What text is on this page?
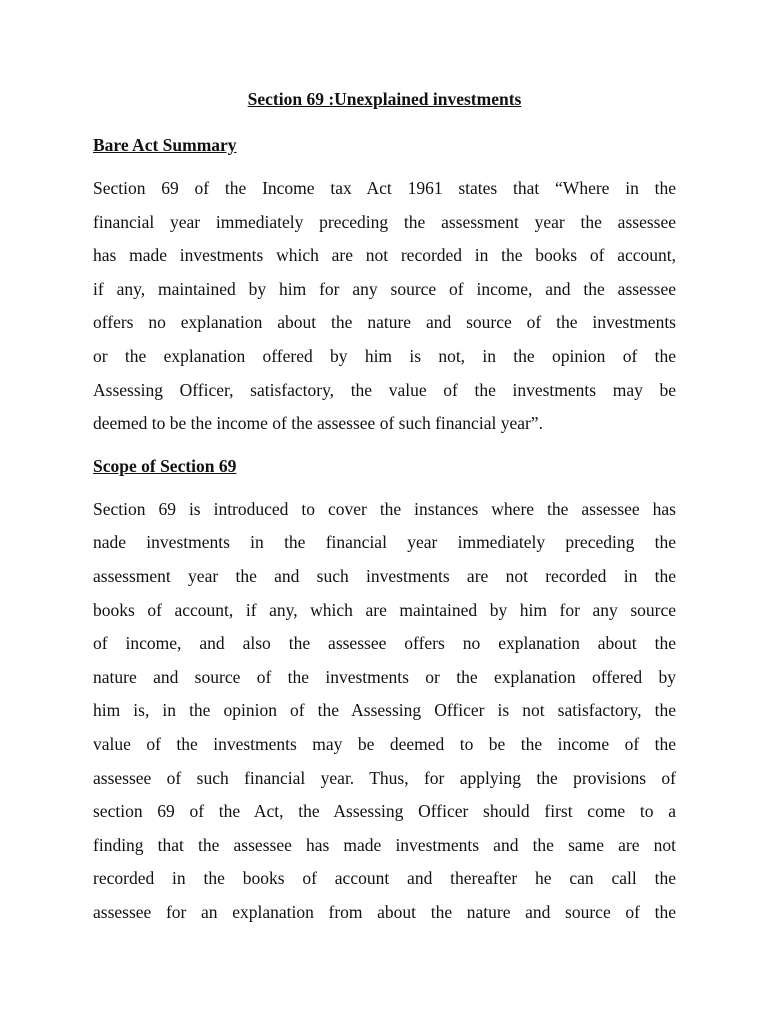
Section 69 :Unexplained investments
Bare Act Summary
Section 69 of the Income tax Act 1961 states that “Where in the
financial year immediately preceding the assessment year the assessee
has made investments which are not recorded in the books of account,
if any, maintained by him for any source of income, and the assessee
offers no explanation about the nature and source of the investments
or the explanation offered by him is not, in the opinion of the
Assessing Officer, satisfactory, the value of the investments may be
deemed to be the income of the assessee of such financial year”.
Scope of Section 69
Section 69 is introduced to cover the instances where the assessee has
nade investments in the financial year immediately preceding the
assessment year the and such investments are not recorded in the
books of account, if any, which are maintained by him for any source
of income, and also the assessee offers no explanation about the
nature and source of the investments or the explanation offered by
him is, in the opinion of the Assessing Officer is not satisfactory, the
value of the investments may be deemed to be the income of the
assessee of such financial year. Thus, for applying the provisions of
section 69 of the Act, the Assessing Officer should first come to a
finding that the assessee has made investments and the same are not
recorded in the books of account and thereafter he can call the
assessee for an explanation from about the nature and source of the
